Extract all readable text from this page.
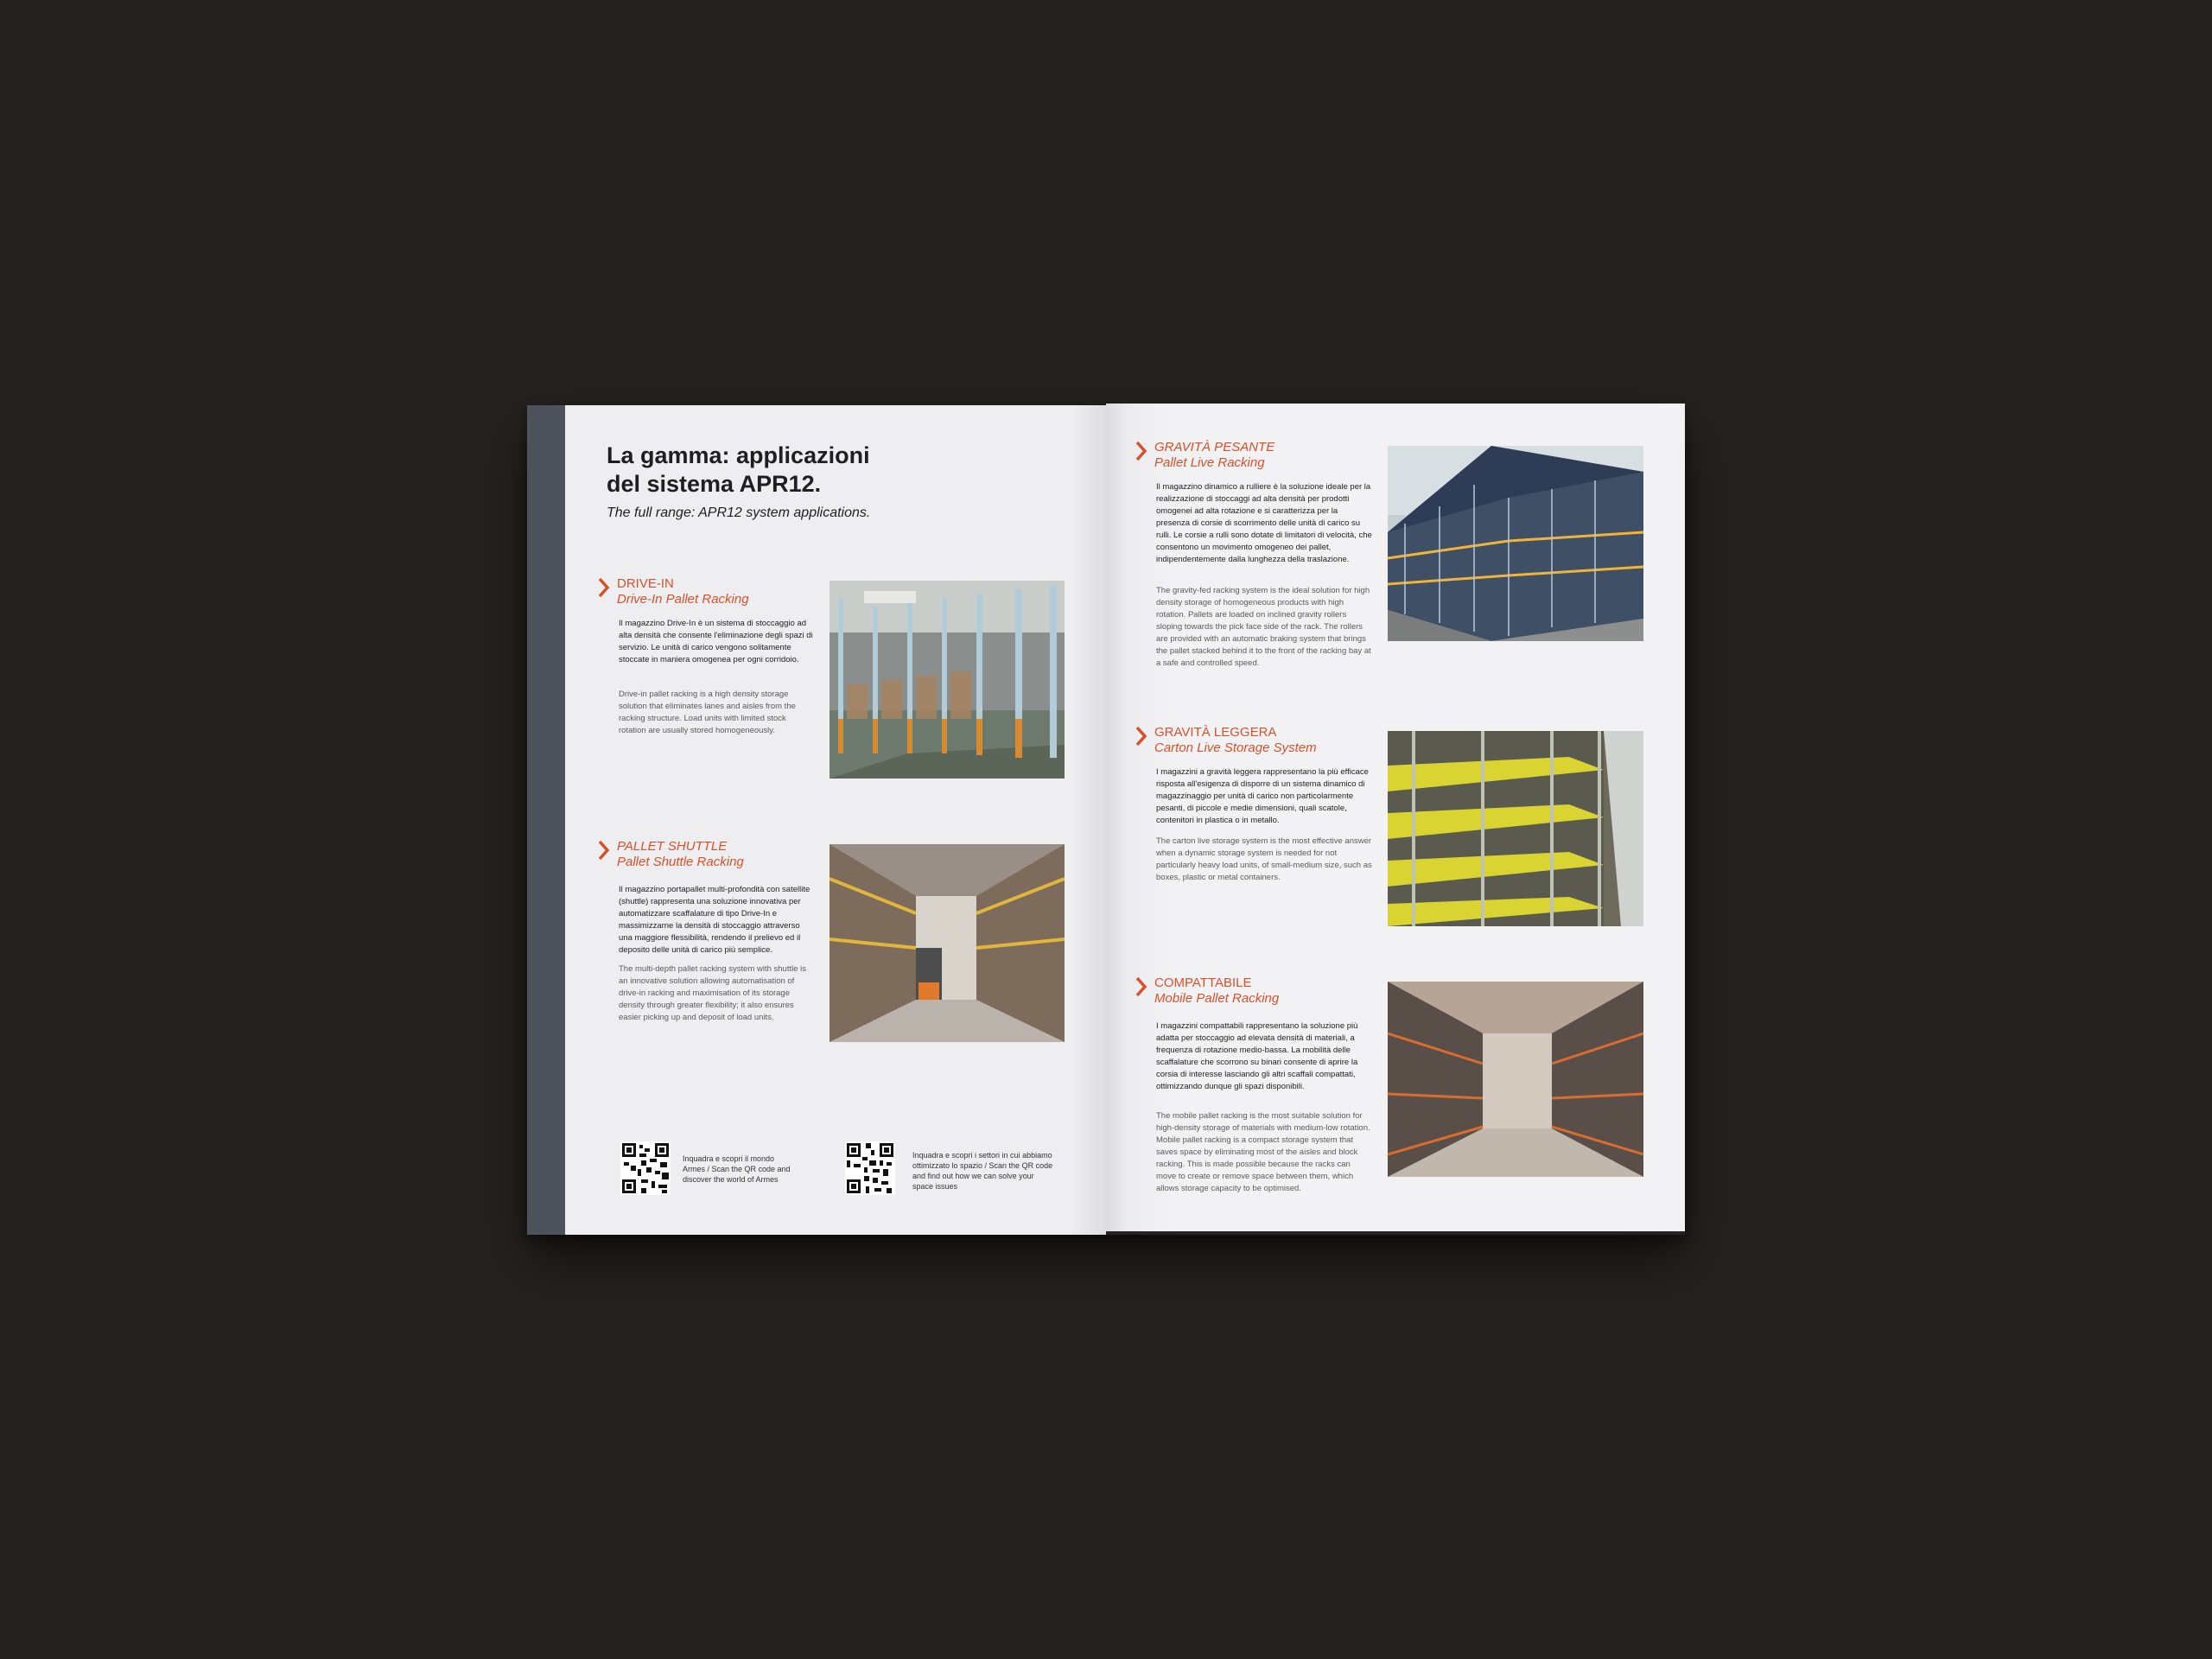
La gamma: applicazioni
del sistema APR12.
The full range: APR12 system applications.
DRIVE-IN
Drive-In Pallet Racking

Il magazzino Drive-In è un sistema di stoccaggio ad alta densità che consente l'eliminazione degli spazi di servizio. Le unità di carico vengono solitamente stoccate in maniera omogenea per ogni corridoio.

Drive-in pallet racking is a high density storage solution that eliminates lanes and aisles from the racking structure. Load units with limited stock rotation are usually stored homogeneously.

PALLET SHUTTLE
Pallet Shuttle Racking

Il magazzino portapallet multi-profondità con satellite (shuttle) rappresenta una soluzione innovativa per automatizzare scaffalature di tipo Drive-In e massimizzarne la densità di stoccaggio attraverso una maggiore flessibilità, rendendo il prelievo ed il deposito delle unità di carico più semplice.

The multi-depth pallet racking system with shuttle is an innovative solution allowing automatisation of drive-in racking and maximisation of its storage density through greater flexibility; it also ensures easier picking up and deposit of load units.

Inquadra e scopri il mondo Armes / Scan the QR code and discover the world of Armes

Inquadra e scopri i settori in cui abbiamo ottimizzato lo spazio / Scan the QR code and find out how we can solve your space issues

GRAVITÀ PESANTE
Pallet Live Racking

Il magazzino dinamico a rulliere è la soluzione ideale per la realizzazione di stoccaggi ad alta densità per prodotti omogenei ad alta rotazione e si caratterizza per la presenza di corsie di scorrimento delle unità di carico su rulli. Le corsie a rulli sono dotate di limitatori di velocità, che consentono un movimento omogeneo dei pallet, indipendentemente dalla lunghezza della traslazione.

The gravity-fed racking system is the ideal solution for high density storage of homogeneous products with high rotation. Pallets are loaded on inclined gravity rollers sloping towards the pick face side of the rack. The rollers are provided with an automatic braking system that brings the pallet stacked behind it to the front of the racking bay at a safe and controlled speed.

GRAVITÀ LEGGERA
Carton Live Storage System

I magazzini a gravità leggera rappresentano la più efficace risposta all'esigenza di disporre di un sistema dinamico di magazzinaggio per unità di carico non particolarmente pesanti, di piccole e medie dimensioni, quali scatole, contenitori in plastica o in metallo.

The carton live storage system is the most effective answer when a dynamic storage system is needed for not particularly heavy load units, of small-medium size, such as boxes, plastic or metal containers.

COMPATTABILE
Mobile Pallet Racking

I magazzini compattabili rappresentano la soluzione più adatta per stoccaggio ad elevata densità di materiali, a frequenza di rotazione medio-bassa. La mobilità delle scaffalature che scorrono su binari consente di aprire la corsia di interesse lasciando gli altri scaffali compattati, ottimizzando dunque gli spazi disponibili.

The mobile pallet racking is the most suitable solution for high-density storage of materials with medium-low rotation. Mobile pallet racking is a compact storage system that saves space by eliminating most of the aisles and block racking. This is made possible because the racks can move to create or remove space between them, which allows storage capacity to be optimised.
